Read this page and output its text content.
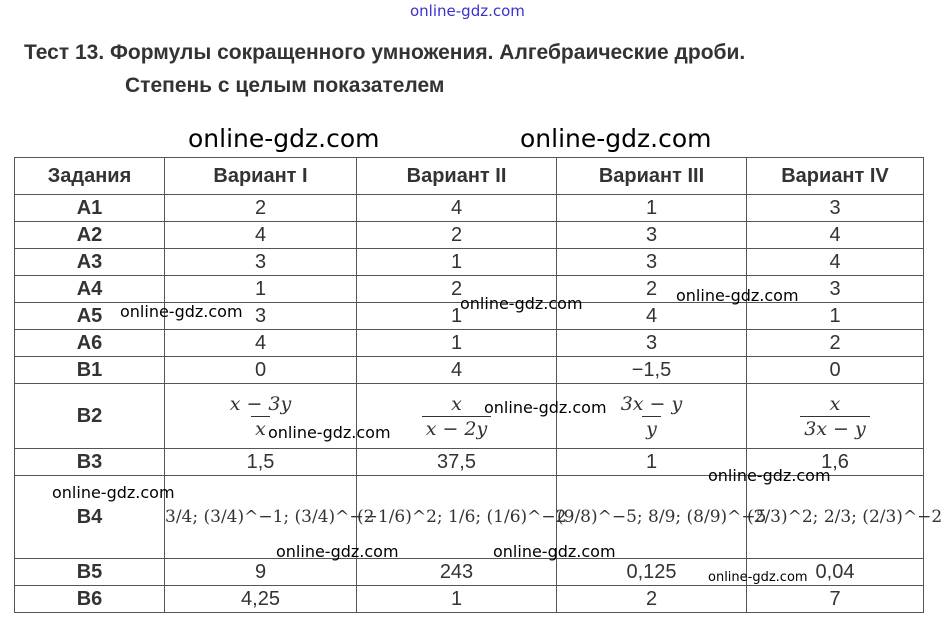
online-gdz.com
Тест 13. Формулы сокращенного умножения. Алгебраические дроби.
Степень с целым показателем
online-gdz.com	online-gdz.com
Задания	Вариант I	Вариант II	Вариант III	Вариант IV
A1	2	4	1	3
A2	4	2	3	4
A3	3	1	3	4
A4	1	2	2	3
A5	3	1	4	1
A6	4	1	3	2
B1	0	4	−1,5	0
B2	$\frac{x - 3y}{x}$	$\frac{x}{x - 2y}$	$\frac{3x - y}{y}$	$\frac{x}{3x - y}$

B3	1,5	37,5	1	1,6
B4	3/4; (3/4)^−1; (3/4)^−2	(−1/6)^2; 1/6; (1/6)^−2	(9/8)^−5; 8/9; (8/9)^−5	(2/3)^2; 2/3; (2/3)^−2
B5	9	243	0,125	0,04
B6	4,25	1	2	7
online-gdz.com	online-gdz.com	online-gdz.com
online-gdz.com
online-gdz.com
online-gdz.com
online-gdz.com
online-gdz.com	online-gdz.com
online-gdz.com
